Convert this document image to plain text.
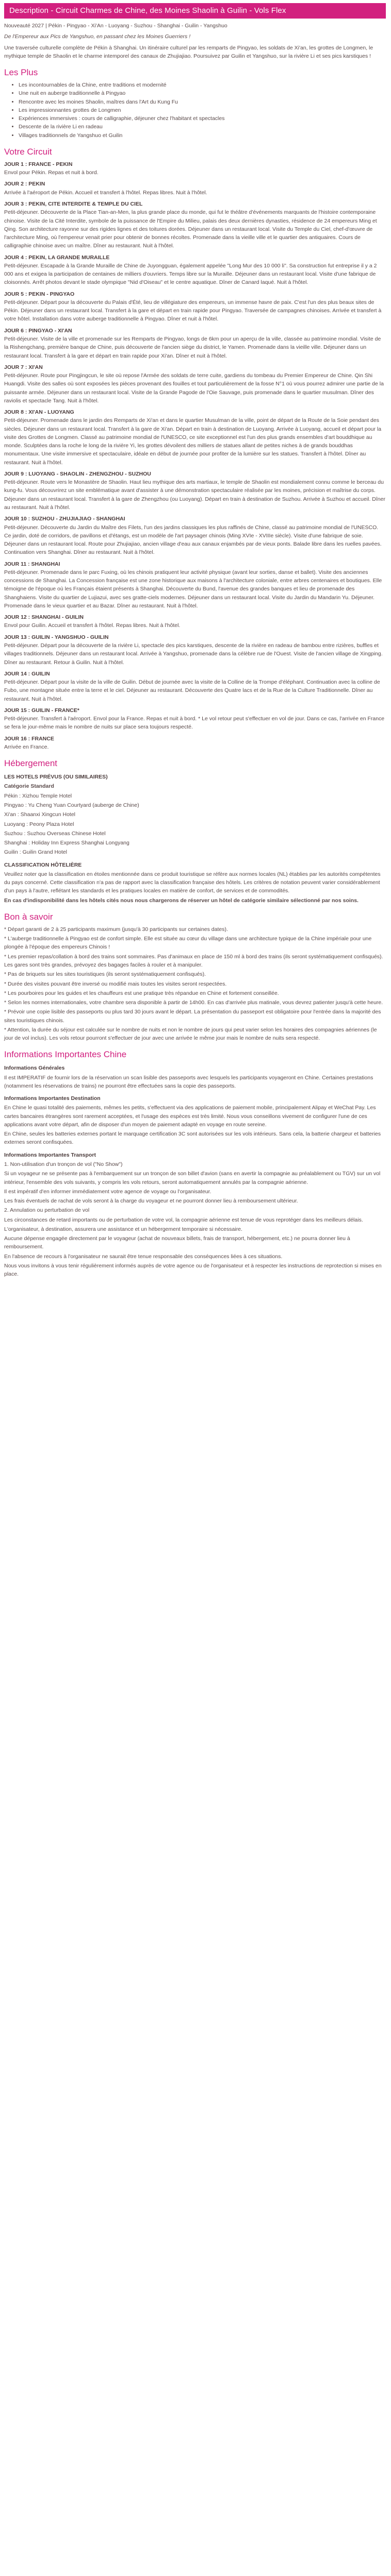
Description - Circuit Charmes de Chine, des Moines Shaolin à Guilin - Vols Flex
Nouveauté 2027 | Pékin - Pingyao - Xi'An - Luoyang - Suzhou - Shanghai - Guilin - Yangshuo
De l'Empereur aux Pics de Yangshuo, en passant chez les Moines Guerriers !
Une traversée culturelle complète de Pékin à Shanghai. Un itinéraire culturel par les remparts de Pingyao, les soldats de Xi'an, les grottes de Longmen, le mythique temple de Shaolin et le charme intemporel des canaux de Zhujiajiao. Poursuivez par Guilin et Yangshuo, sur la rivière Li et ses pics karstiques !
Les Plus
• Les incontournables de la Chine, entre traditions et modernité
• Une nuit en auberge traditionnelle à Pingyao
• Rencontre avec les moines Shaolin, maîtres dans l'Art du Kung Fu
• Les impressionnantes grottes de Longmen
• Expériences immersives : cours de calligraphie, déjeuner chez l'habitant et spectacles
• Descente de la rivière Li en radeau
• Villages traditionnels de Yangshuo et Guilin
Votre Circuit
JOUR 1 : FRANCE - PEKIN

Envol pour Pékin. Repas et nuit à bord.

JOUR 2 : PEKIN

Arrivée à l'aéroport de Pékin. Accueil et transfert à l'hôtel. Repas libres. Nuit à l'hôtel.

JOUR 3 : PEKIN, CITE INTERDITE & TEMPLE DU CIEL

Petit-déjeuner. Découverte de la Place Tian-an-Men, la plus grande place du monde, qui fut le théâtre d'événements marquants de l'histoire contemporaine chinoise. Visite de la Cité Interdite, symbole de la puissance de l'Empire du Milieu, palais des deux dernières dynasties, résidence de 24 empereurs Ming et Qing. Son architecture rayonne sur des rigides lignes et des toitures dorées. Déjeuner dans un restaurant local. Visite du Temple du Ciel, chef-d'œuvre de l'architecture Ming, où l'empereur venait prier pour obtenir de bonnes récoltes. Promenade dans la vieille ville et le quartier des antiquaires. Cours de calligraphie chinoise avec un maître. Dîner au restaurant. Nuit à l'hôtel.

JOUR 4 : PEKIN, LA GRANDE MURAILLE

Petit-déjeuner. Escapade à la Grande Muraille de Chine de Juyongguan, également appelée "Long Mur des 10 000 li". Sa construction fut entreprise il y a 2 000 ans et exigea la participation de centaines de milliers d'ouvriers. Temps libre sur la Muraille. Déjeuner dans un restaurant local. Visite d'une fabrique de cloisonnés. Arrêt photos devant le stade olympique "Nid d'Oiseau" et le centre aquatique. Dîner de Canard laqué. Nuit à l'hôtel.

JOUR 5 : PEKIN - PINGYAO

Petit-déjeuner. Départ pour la découverte du Palais d'Été, lieu de villégiature des empereurs, un immense havre de paix. C'est l'un des plus beaux sites de Pékin. Déjeuner dans un restaurant local. Transfert à la gare et départ en train rapide pour Pingyao. Traversée de campagnes chinoises. Arrivée et transfert à votre hôtel. Installation dans votre auberge traditionnelle à Pingyao. Dîner et nuit à l'hôtel.

JOUR 6 : PINGYAO - XI'AN

Petit-déjeuner. Visite de la ville et promenade sur les Remparts de Pingyao, longs de 6km pour un aperçu de la ville, classée au patrimoine mondial. Visite de la Rishengchang, première banque de Chine, puis découverte de l'ancien siège du district, le Yamen. Promenade dans la vieille ville. Déjeuner dans un restaurant local. Transfert à la gare et départ en train rapide pour Xi'an. Dîner et nuit à l'hôtel.

JOUR 7 : XI'AN

Petit-déjeuner. Route pour Pingjingcun, le site où repose l'Armée des soldats de terre cuite, gardiens du tombeau du Premier Empereur de Chine. Qin Shi Huangdi. Visite des salles où sont exposées les pièces provenant des fouilles et tout particulièrement de la fosse N°1 où vous pourrez admirer une partie de la puissante armée. Déjeuner dans un restaurant local. Visite de la Grande Pagode de l'Oie Sauvage, puis promenade dans le quartier musulman. Dîner des raviolis et spectacle Tang. Nuit à l'hôtel.

JOUR 8 : XI'AN - LUOYANG

Petit-déjeuner. Promenade dans le jardin des Remparts de Xi'an et dans le quartier Musulman de la ville, point de départ de la Route de la Soie pendant des siècles. Déjeuner dans un restaurant local. Transfert à la gare de Xi'an. Départ en train à destination de Luoyang. Arrivée à Luoyang, accueil et départ pour la visite des Grottes de Longmen. Classé au patrimoine mondial de l'UNESCO, ce site exceptionnel est l'un des plus grands ensembles d'art bouddhique au monde. Sculptées dans la roche le long de la rivière Yi, les grottes dévoilent des milliers de statues allant de petites niches à de grands bouddhas monumentaux. Une visite immersive et spectaculaire, idéale en début de journée pour profiter de la lumière sur les statues. Transfert à l'hôtel. Dîner au restaurant. Nuit à l'hôtel.

JOUR 9 : LUOYANG - SHAOLIN - ZHENGZHOU - SUZHOU

Petit-déjeuner. Route vers le Monastère de Shaolin. Haut lieu mythique des arts martiaux, le temple de Shaolin est mondialement connu comme le berceau du kung-fu. Vous découvrirez un site emblématique avant d'assister à une démonstration spectaculaire réalisée par les moines, précision et maîtrise du corps. Déjeuner dans un restaurant local. Transfert à la gare de Zhengzhou (ou Luoyang). Départ en train à destination de Suzhou. Arrivée à Suzhou et accueil. Dîner au restaurant. Nuit à l'hôtel.

JOUR 10 : SUZHOU - ZHUJIAJIAO - SHANGHAI

Petit-déjeuner. Découverte du Jardin du Maître des Filets, l'un des jardins classiques les plus raffinés de Chine, classé au patrimoine mondial de l'UNESCO. Ce jardin, doté de corridors, de pavillons et d'étangs, est un modèle de l'art paysager chinois (Ming XVIe - XVIIIe siècle). Visite d'une fabrique de soie. Déjeuner dans un restaurant local. Route pour Zhujiajiao, ancien village d'eau aux canaux enjambés par de vieux ponts. Balade libre dans les ruelles pavées. Continuation vers Shanghai. Dîner au restaurant. Nuit à l'hôtel.

JOUR 11 : SHANGHAI

Petit-déjeuner. Promenade dans le parc Fuxing, où les chinois pratiquent leur activité physique (avant leur sorties, danse et ballet). Visite des anciennes concessions de Shanghai. La Concession française est une zone historique aux maisons à l'architecture coloniale, entre arbres centenaires et boutiques. Elle témoigne de l'époque où les Français étaient présents à Shanghai. Découverte du Bund, l'avenue des grandes banques et lieu de promenade des Shanghaiens. Visite du quartier de Lujiazui, avec ses gratte-ciels modernes. Déjeuner dans un restaurant local. Visite du Jardin du Mandarin Yu. Déjeuner. Promenade dans le vieux quartier et au Bazar. Dîner au restaurant. Nuit à l'hôtel.

JOUR 12 : SHANGHAI - GUILIN

Envol pour Guilin. Accueil et transfert à l'hôtel. Repas libres. Nuit à l'hôtel.

JOUR 13 : GUILIN - YANGSHUO - GUILIN

Petit-déjeuner. Départ pour la découverte de la rivière Li, spectacle des pics karstiques, descente de la rivière en radeau de bambou entre rizières, buffles et villages traditionnels. Déjeuner dans un restaurant local. Arrivée à Yangshuo, promenade dans la célèbre rue de l'Ouest. Visite de l'ancien village de Xingping. Dîner au restaurant. Retour à Guilin. Nuit à l'hôtel.

JOUR 14 : GUILIN

Petit-déjeuner. Départ pour la visite de la ville de Guilin. Début de journée avec la visite de la Colline de la Trompe d'éléphant. Continuation avec la colline de Fubo, une montagne située entre la terre et le ciel. Déjeuner au restaurant. Découverte des Quatre lacs et de la Rue de la Culture Traditionnelle. Dîner au restaurant. Nuit à l'hôtel.

JOUR 15 : GUILIN - FRANCE*

Petit-déjeuner. Transfert à l'aéroport. Envol pour la France. Repas et nuit à bord. * Le vol retour peut s'effectuer en vol de jour. Dans ce cas, l'arrivée en France se fera le jour-même mais le nombre de nuits sur place sera toujours respecté.

JOUR 16 : FRANCE

Arrivée en France.

Hébergement
LES HOTELS PRÉVUS (OU SIMILAIRES)

Catégorie Standard

Pékin : Xizhou Temple Hotel

Pingyao : Yu Cheng Yuan Courtyard (auberge de Chine)

Xi'an : Shaanxi Xingcun Hotel

Luoyang : Peony Plaza Hotel

Suzhou : Suzhou Overseas Chinese Hotel

Shanghai : Holiday Inn Express Shanghai Longyang

Guilin : Guilin Grand Hotel

CLASSIFICATION HÔTELIÈRE

Veuillez noter que la classification en étoiles mentionnée dans ce produit touristique se réfère aux normes locales (NL) établies par les autorités compétentes du pays concerné. Cette classification n'a pas de rapport avec la classification française des hôtels. Les critères de notation peuvent varier considérablement d'un pays à l'autre, reflétant les standards et les pratiques locales en matière de confort, de services et de commodités.

En cas d'indisponibilité dans les hôtels cités nous nous chargerons de réserver un hôtel de catégorie similaire sélectionné par nos soins.

Bon à savoir

* Départ garanti de 2 à 25 participants maximum (jusqu'à 30 participants sur certaines dates).

* L'auberge traditionnelle à Pingyao est de confort simple. Elle est située au cœur du village dans une architecture typique de la Chine impériale pour une plongée à l'époque des empereurs Chinois !

* Les premier repas/collation à bord des trains sont sommaires. Pas d'animaux en place de 150 ml à bord des trains (ils seront systématiquement confisqués). Les gares sont très grandes, prévoyez des bagages faciles à rouler et à manipuler.

* Pas de briquets sur les sites touristiques (ils seront systématiquement confisqués).

* Durée des visites pouvant être inversé ou modifié mais toutes les visites seront respectées.

* Les pourboires pour les guides et les chauffeurs est une pratique très répandue en Chine et fortement conseillée.

* Selon les normes internationales, votre chambre sera disponible à partir de 14h00. En cas d'arrivée plus matinale, vous devrez patienter jusqu'à cette heure.

* Prévoir une copie lisible des passeports ou plus tard 30 jours avant le départ. La présentation du passeport est obligatoire pour l'entrée dans la majorité des sites touristiques chinois.

* Attention, la durée du séjour est calculée sur le nombre de nuits et non le nombre de jours qui peut varier selon les horaires des compagnies aériennes (le jour de vol inclus). Les vols retour pourront s'effectuer de jour avec une arrivée le même jour mais le nombre de nuits sera respecté.

Informations Importantes Chine
Informations Générales

Il est IMPERATIF de fournir lors de la réservation un scan lisible des passeports avec lesquels les participants voyageront en Chine. Certaines prestations (notamment les réservations de trains) ne pourront être effectuées sans la copie des passeports.

Informations Importantes Destination

En Chine le quasi totalité des paiements, mêmes les petits, s'effectuent via des applications de paiement mobile, principalement Alipay et WeChat Pay. Les cartes bancaires étrangères sont rarement acceptées, et l'usage des espèces est très limité. Nous vous conseillons vivement de configurer l'une de ces applications avant votre départ, afin de disposer d'un moyen de paiement adapté en voyage en route sereine.

En Chine, seules les batteries externes portant le marquage certification 3C sont autorisées sur les vols intérieurs. Sans cela, la batterie chargeur et batteries externes seront confisquées.

Informations Importantes Transport

1. Non-utilisation d'un tronçon de vol ("No Show")

Si un voyageur ne se présente pas à l'embarquement sur un tronçon de son billet d'avion (sans en avertir la compagnie au préalablement ou TGV) sur un vol intérieur, l'ensemble des vols suivants, y compris les vols retours, seront automatiquement annulés par la compagnie aérienne.

Il est impératif d'en informer immédiatement votre agence de voyage ou l'organisateur.

Les frais éventuels de rachat de vols seront à la charge du voyageur et ne pourront donner lieu à remboursement ultérieur.

2. Annulation ou perturbation de vol

Les circonstances de retard importants ou de perturbation de votre vol, la compagnie aérienne est tenue de vous reprotéger dans les meilleurs délais.

L'organisateur, à destination, assurera une assistance et un hébergement temporaire si nécessaire.

Aucune dépense engagée directement par le voyageur (achat de nouveaux billets, frais de transport, hébergement, etc.) ne pourra donner lieu à remboursement.

En l'absence de recours à l'organisateur ne saurait être tenue responsable des conséquences liées à ces situations.

Nous vous invitons à vous tenir régulièrement informés auprès de votre agence ou de l'organisateur et à respecter les instructions de reprotection si mises en place.
